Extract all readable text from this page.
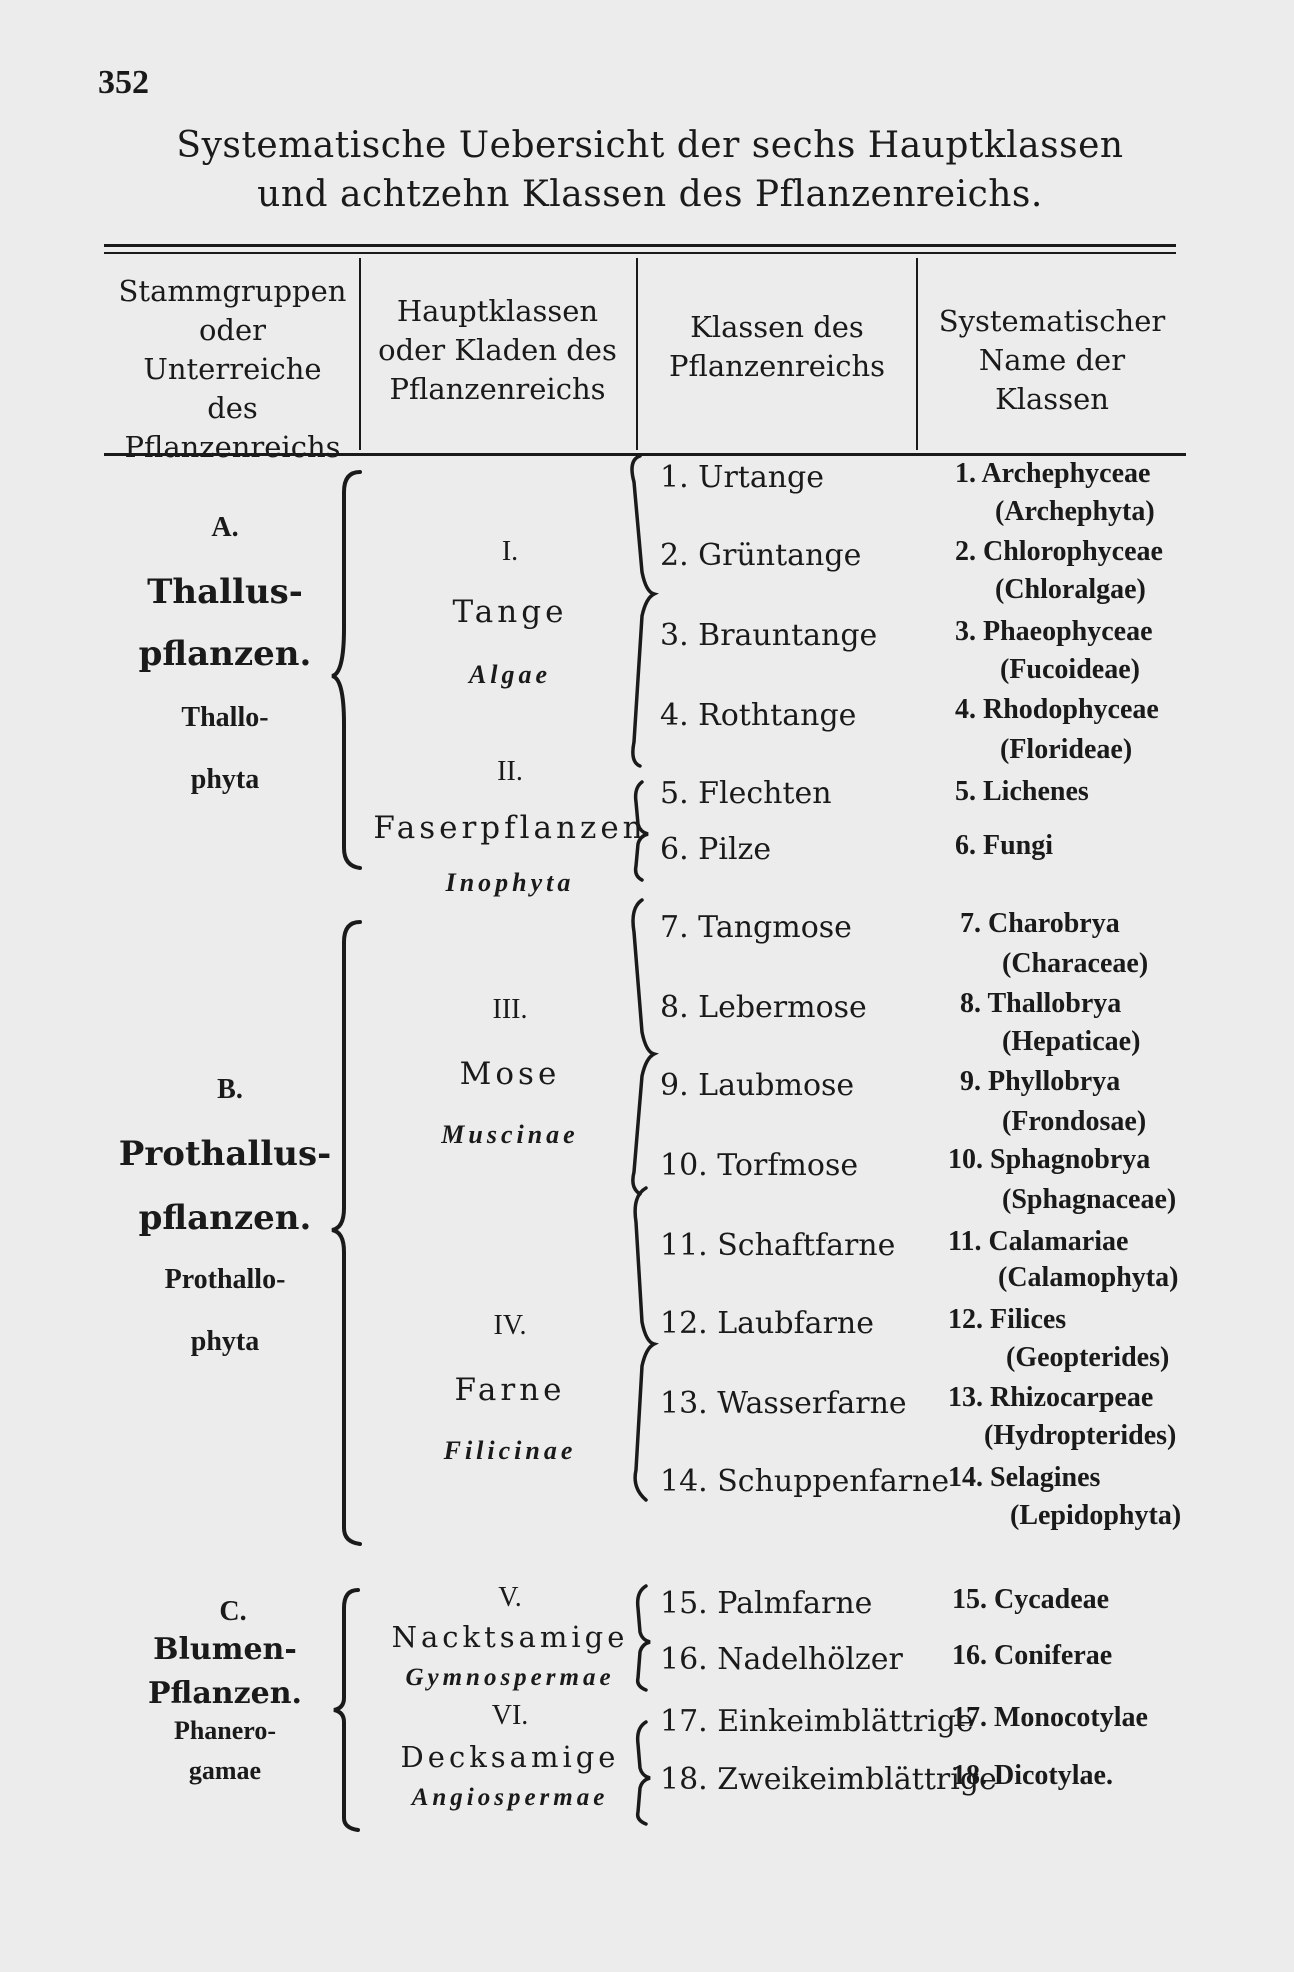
352
Systematische Uebersicht der sechs Hauptklassen
und achtzehn Klassen des Pflanzenreichs.
Stammgruppen
oder Unterreiche
des
Pflanzenreichs
Hauptklassen
oder Kladen des
Pflanzenreichs
Klassen des
Pflanzenreichs
Systematischer
Name der Klassen
A.
Thallus-
pflanzen.
Thallo-
phyta
B.
Prothallus-
pflanzen.
Prothallo-
phyta
C.
Blumen-
Pflanzen.
Phanero-
gamae
I.
Tange
Algae
II.
Faserpflanzen
Inophyta
III.
Mose
Muscinae
IV.
Farne
Filicinae
V.
Nacktsamige
Gymnospermae
VI.
Decksamige
Angiospermae
1. Urtange
2. Grüntange
3. Brauntange
4. Rothtange
5. Flechten
6. Pilze
7. Tangmose
8. Lebermose
9. Laubmose
10. Torfmose
11. Schaftfarne
12. Laubfarne
13. Wasserfarne
14. Schuppenfarne
15. Palmfarne
16. Nadelhölzer
17. Einkeimblättrige
18. Zweikeimblättrige
1. Archephyceae
(Archephyta)
2. Chlorophyceae
(Chloralgae)
3. Phaeophyceae
(Fucoideae)
4. Rhodophyceae
(Florideae)
5. Lichenes
6. Fungi
7. Charobrya
(Characeae)
8. Thallobrya
(Hepaticae)
9. Phyllobrya
(Frondosae)
10. Sphagnobrya
(Sphagnaceae)
11. Calamariae
(Calamophyta)
12. Filices
(Geopterides)
13. Rhizocarpeae
(Hydropterides)
14. Selagines
(Lepidophyta)
15. Cycadeae
16. Coniferae
17. Monocotylae
18. Dicotylae.
